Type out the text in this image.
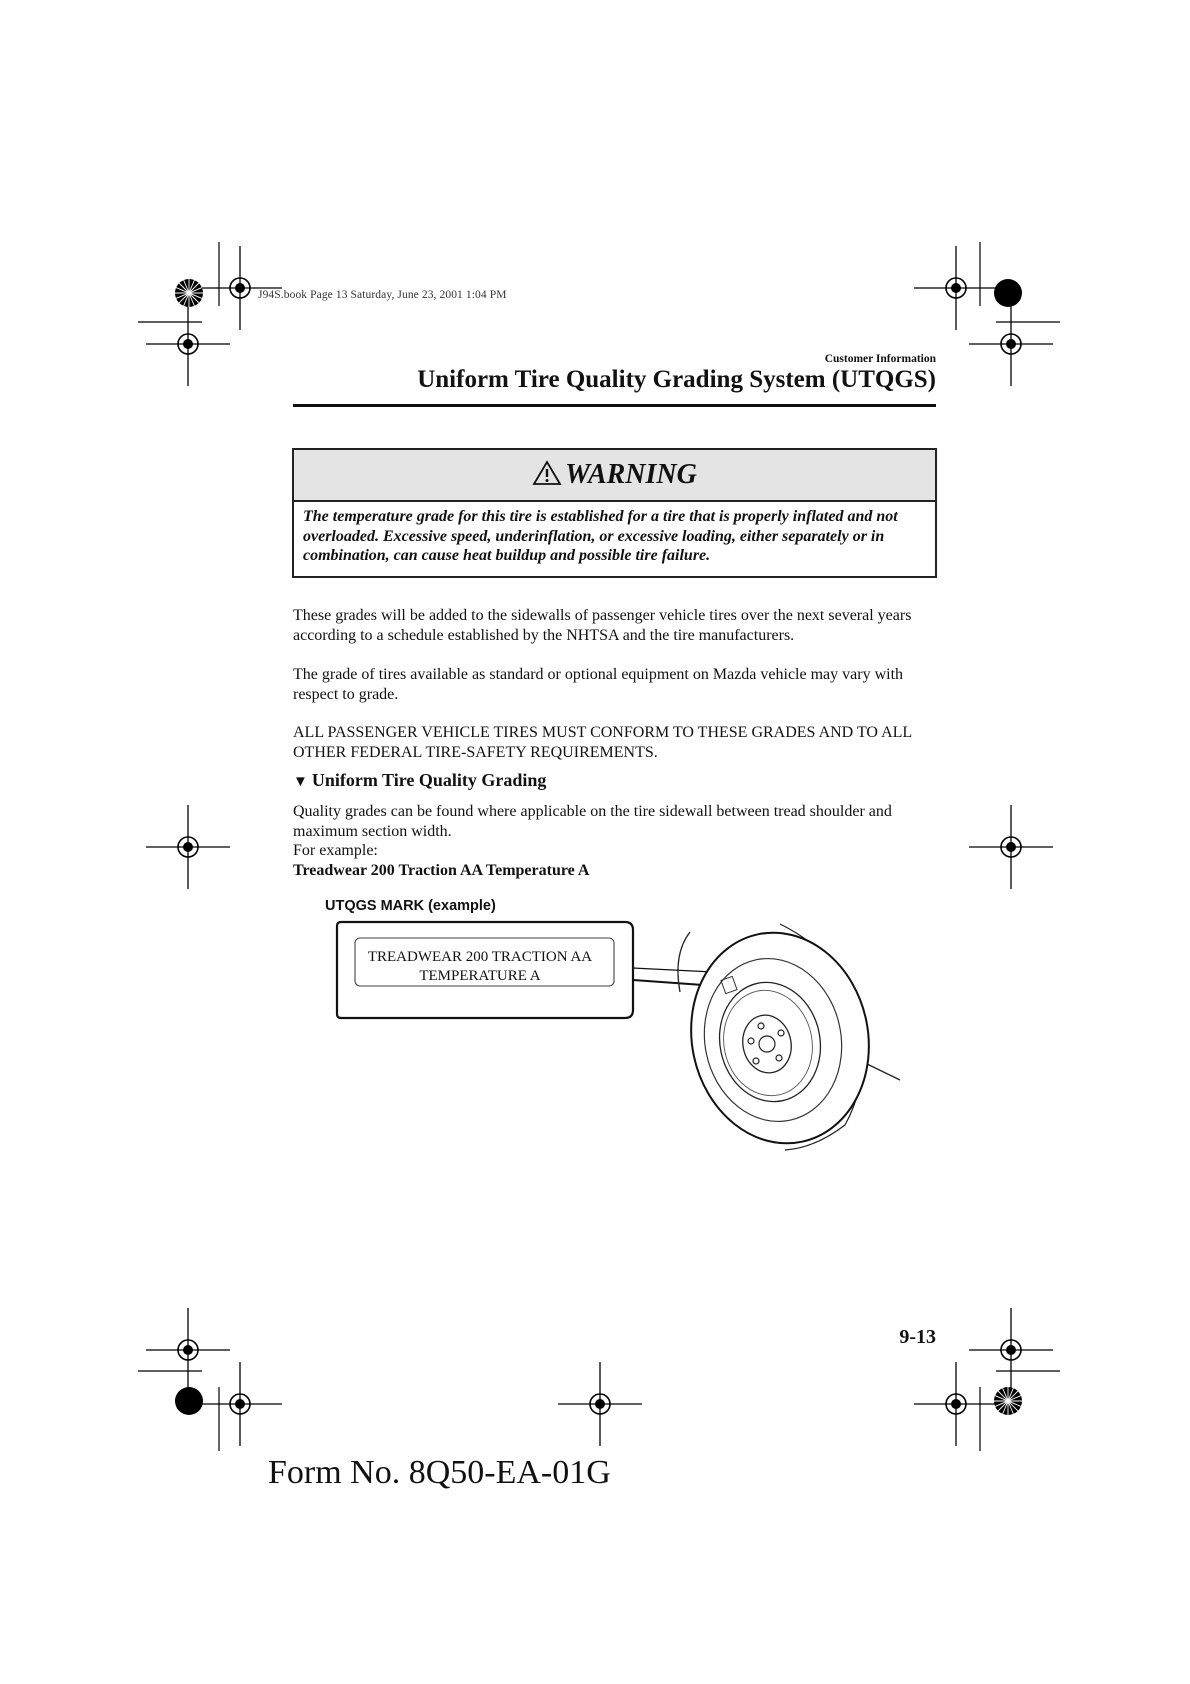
J94S.book Page 13 Saturday, June 23, 2001 1:04 PM
Customer Information
Uniform Tire Quality Grading System (UTQGS)
WARNING
The temperature grade for this tire is established for a tire that is properly inflated and not overloaded. Excessive speed, underinflation, or excessive loading, either separately or in combination, can cause heat buildup and possible tire failure.
These grades will be added to the sidewalls of passenger vehicle tires over the next several years according to a schedule established by the NHTSA and the tire manufacturers.
The grade of tires available as standard or optional equipment on Mazda vehicle may vary with respect to grade.
ALL PASSENGER VEHICLE TIRES MUST CONFORM TO THESE GRADES AND TO ALL OTHER FEDERAL TIRE-SAFETY REQUIREMENTS.
▼ Uniform Tire Quality Grading
Quality grades can be found where applicable on the tire sidewall between tread shoulder and maximum section width.
For example:
Treadwear 200 Traction AA Temperature A
UTQGS MARK (example)
TREADWEAR 200 TRACTION AA
TEMPERATURE A
9-13
Form No. 8Q50-EA-01G
